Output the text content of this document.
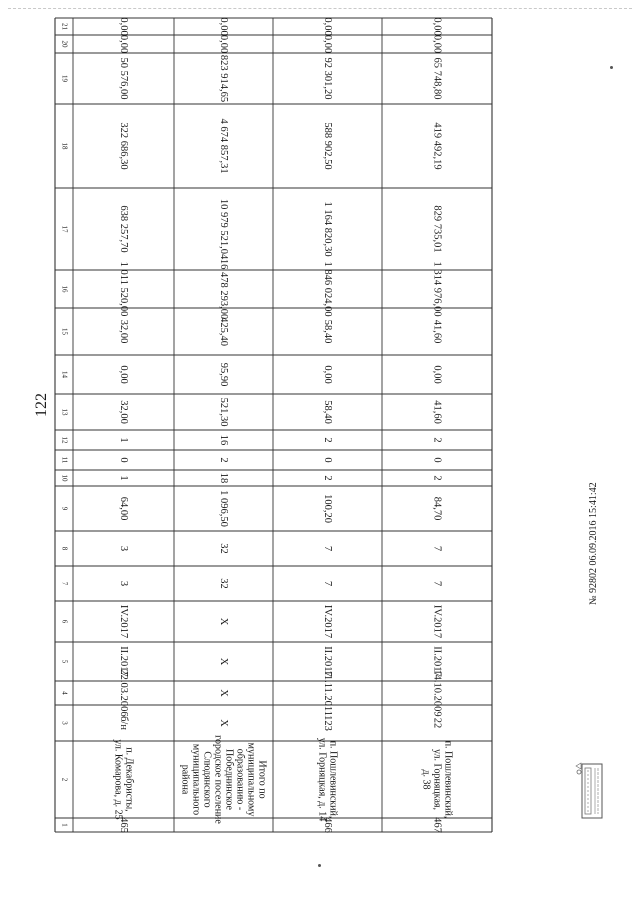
122
1
2
3
4
5
6
7
8
9
10
11
12
13
14
15
16
17
18
19
20
21
465
п. Декабристы,
ул. Комарова, д. 25
б/н
22.03.2006
II.2017
IV.2017
3
3
64,00
1
0
1
32,00
0,00
32,00
1 011 520,00
638 257,70
322 686,30
50 576,00
0,00
0,00
Итого по
муниципальному
образованию -
Победнинское
городское поселение
Слюдянского
муниципального
района
X
X
X
X
32
32
1 096,50
18
2
16
521,30
95,90
425,40
16 478 293,00
10 979 521,04
4 674 857,31
823 914,65
0,00
0,00
466
п. Пошлевинский,
ул. Горняцкая, д. 14
123
11.11.2011
II.2017
IV.2017
7
7
100,20
2
0
2
58,40
0,00
58,40
1 846 024,00
1 164 820,30
588 902,50
92 301,20
0,00
0,00
467
п. Пошлевинский,
ул. Горняцкая,
д. 38
22
14.10.2009
II.2017
IV.2017
7
7
84,70
2
0
2
41,60
0,00
41,60
1 314 976,00
829 735,01
419 492,19
65 748,80
0,00
0,00
№ 92802 06.09.2016 15:41:42
